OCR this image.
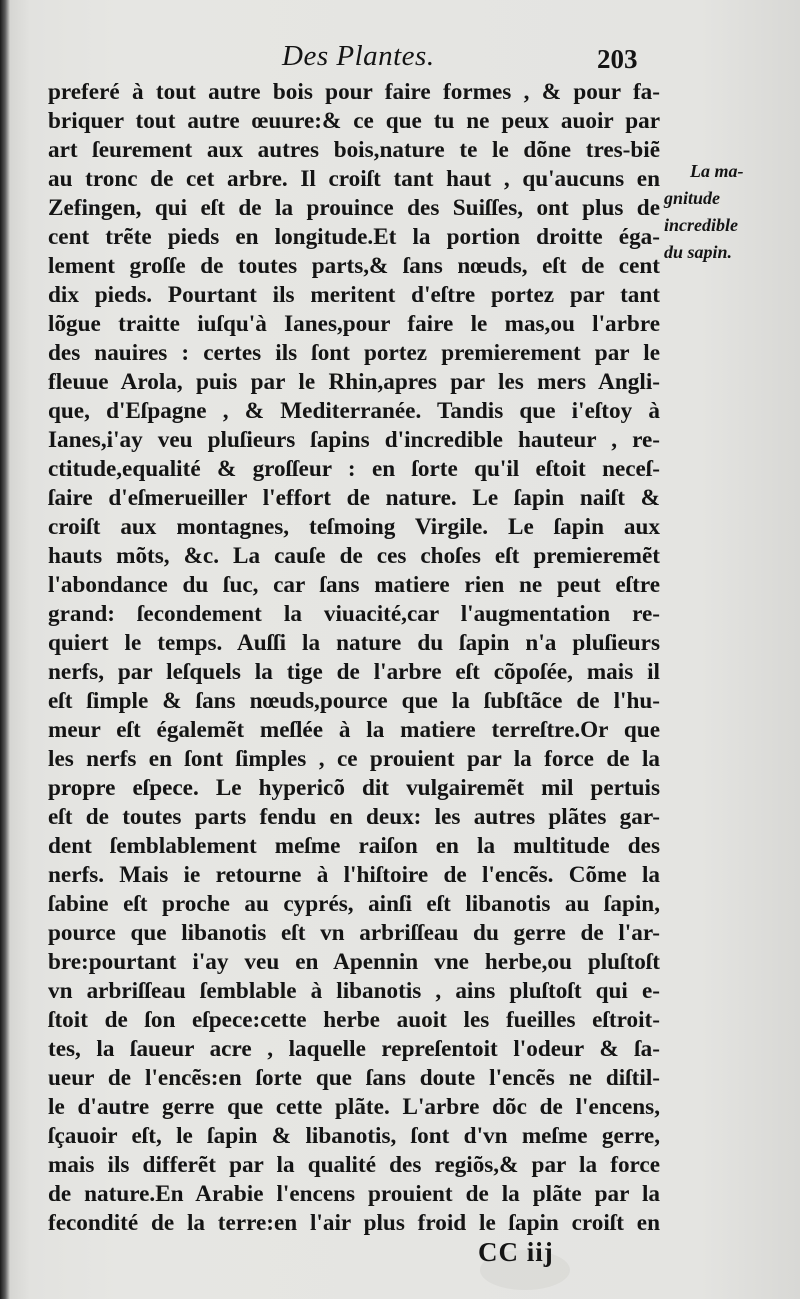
Des Plantes.	203
preferé à tout autre bois pour faire formes , & pour fa-
briquer tout autre œuure:& ce que tu ne peux auoir par
art ſeurement aux autres bois,nature te le dõne tres-biẽ
au tronc de cet arbre. Il croiſt tant haut , qu'aucuns en
Zefingen, qui eſt de la prouince des Suiſſes, ont plus de
cent trẽte pieds en longitude.Et la portion droitte éga-
lement groſſe de toutes parts,& ſans nœuds, eſt de cent
dix pieds. Pourtant ils meritent d'eſtre portez par tant
lõgue traitte iuſqu'à Ianes,pour faire le mas,ou l'arbre
des nauires : certes ils ſont portez premierement par le
fleuue Arola, puis par le Rhin,apres par les mers Angli-
que, d'Eſpagne , & Mediterranée. Tandis que i'eſtoy à
Ianes,i'ay veu pluſieurs ſapins d'incredible hauteur , re-
ctitude,equalité & groſſeur : en ſorte qu'il eſtoit neceſ-
ſaire d'eſmerueiller l'effort de nature. Le ſapin naiſt &
croiſt aux montagnes, teſmoing Virgile. Le ſapin aux
hauts mõts, &c. La cauſe de ces choſes eſt premieremẽt
l'abondance du ſuc, car ſans matiere rien ne peut eſtre
grand: ſecondement la viuacité,car l'augmentation re-
quiert le temps. Auſſi la nature du ſapin n'a pluſieurs
nerfs, par leſquels la tige de l'arbre eſt cõpoſée, mais il
eſt ſimple & ſans nœuds,pource que la ſubſtãce de l'hu-
meur eſt égalemẽt meſlée à la matiere terreſtre.Or que
les nerfs en ſont ſimples , ce prouient par la force de la
propre eſpece. Le hypericõ dit vulgairemẽt mil pertuis
eſt de toutes parts fendu en deux: les autres plãtes gar-
dent ſemblablement meſme raiſon en la multitude des
nerfs. Mais ie retourne à l'hiſtoire de l'encẽs. Cõme la
ſabine eſt proche au cyprés, ainſi eſt libanotis au ſapin,
pource que libanotis eſt vn arbriſſeau du gerre de l'ar-
bre:pourtant i'ay veu en Apennin vne herbe,ou pluſtoſt
vn arbriſſeau ſemblable à libanotis , ains pluſtoſt qui e-
ſtoit de ſon eſpece:cette herbe auoit les fueilles eſtroit-
tes, la ſaueur acre , laquelle repreſentoit l'odeur & ſa-
ueur de l'encẽs:en ſorte que ſans doute l'encẽs ne diſtil-
le d'autre gerre que cette plãte. L'arbre dõc de l'encens,
ſçauoir eſt, le ſapin & libanotis, ſont d'vn meſme gerre,
mais ils differẽt par la qualité des regiõs,& par la force
de nature.En Arabie l'encens prouient de la plãte par la
fecondité de la terre:en l'air plus froid le ſapin croiſt en
La ma-
gnitude
incredible
du sapin.
CC iij
